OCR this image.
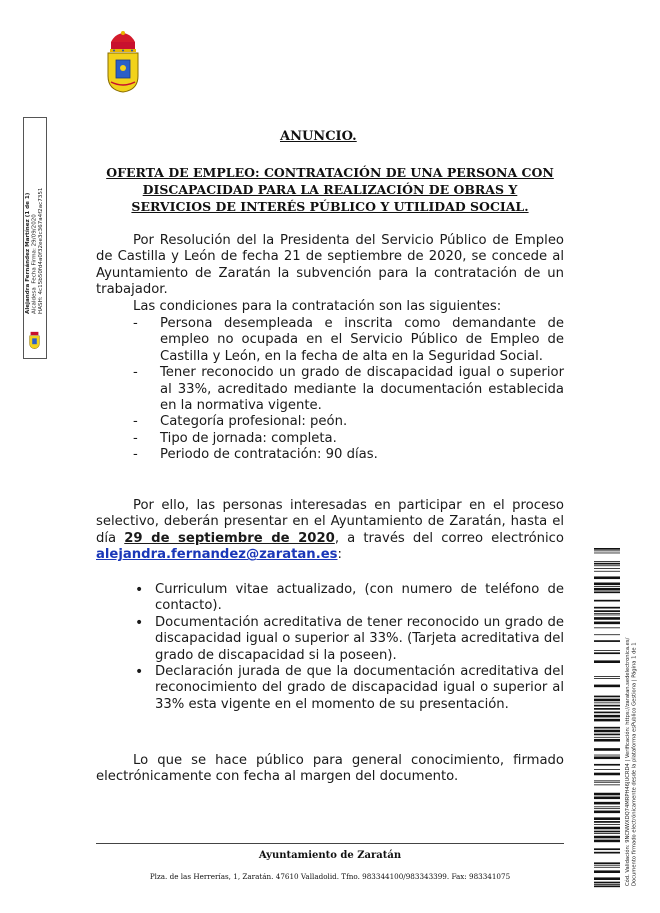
Alejandra Fernández Martínez (1 de 1)
Alcaldesa  Fecha Firma: 29/09/2020
HASH: 4c15b50fd4a0f32ee3c367a4f2ac7351
ANUNCIO.
OFERTA DE EMPLEO: CONTRATACIÓN DE UNA PERSONA CON DISCAPACIDAD PARA LA REALIZACIÓN DE OBRAS Y SERVICIOS DE INTERÉS PÚBLICO Y UTILIDAD SOCIAL.
Por Resolución del la Presidenta del Servicio Público de Empleo de Castilla y León de fecha 21 de septiembre de 2020, se concede al Ayuntamiento de Zaratán la subvención para la contratación de un trabajador.
Las condiciones para la contratación son las siguientes:
- Persona desempleada e inscrita como demandante de empleo no ocupada en el Servicio Público de Empleo de Castilla y León, en la fecha de alta en la Seguridad Social.
- Tener reconocido un grado de discapacidad igual o superior al 33%, acreditado mediante la documentación establecida en la normativa vigente.
- Categoría profesional: peón.
- Tipo de jornada: completa.
- Periodo de contratación: 90 días.
Por ello, las personas interesadas en participar en el proceso selectivo, deberán presentar en el Ayuntamiento de Zaratán, hasta el día 29 de septiembre de 2020, a través del correo electrónico alejandra.fernandez@zaratan.es:
• Curriculum vitae actualizado, (con numero de teléfono de contacto).
• Documentación acreditativa de tener reconocido un grado de discapacidad igual o superior al 33%. (Tarjeta acreditativa del grado de discapacidad si la poseen).
• Declaración jurada de que la documentación acreditativa del reconocimiento del grado de discapacidad igual o superior al 33% esta vigente en el momento de su presentación.
Lo que se hace público para general conocimiento, firmado electrónicamente con fecha al margen del documento.
Ayuntamiento de Zaratán
Plza. de las Herrerías, 1, Zaratán. 47610 Valladolid. Tfno. 983344100/983343399. Fax: 983341075	Cód. Validación: 9NCNWXDQ74MRPH46JUCRD4 | Verificación: https://zaratan.sedelectronica.es/
Documento firmado electrónicamente desde la plataforma esPublico Gestiona | Página 1 de 1
